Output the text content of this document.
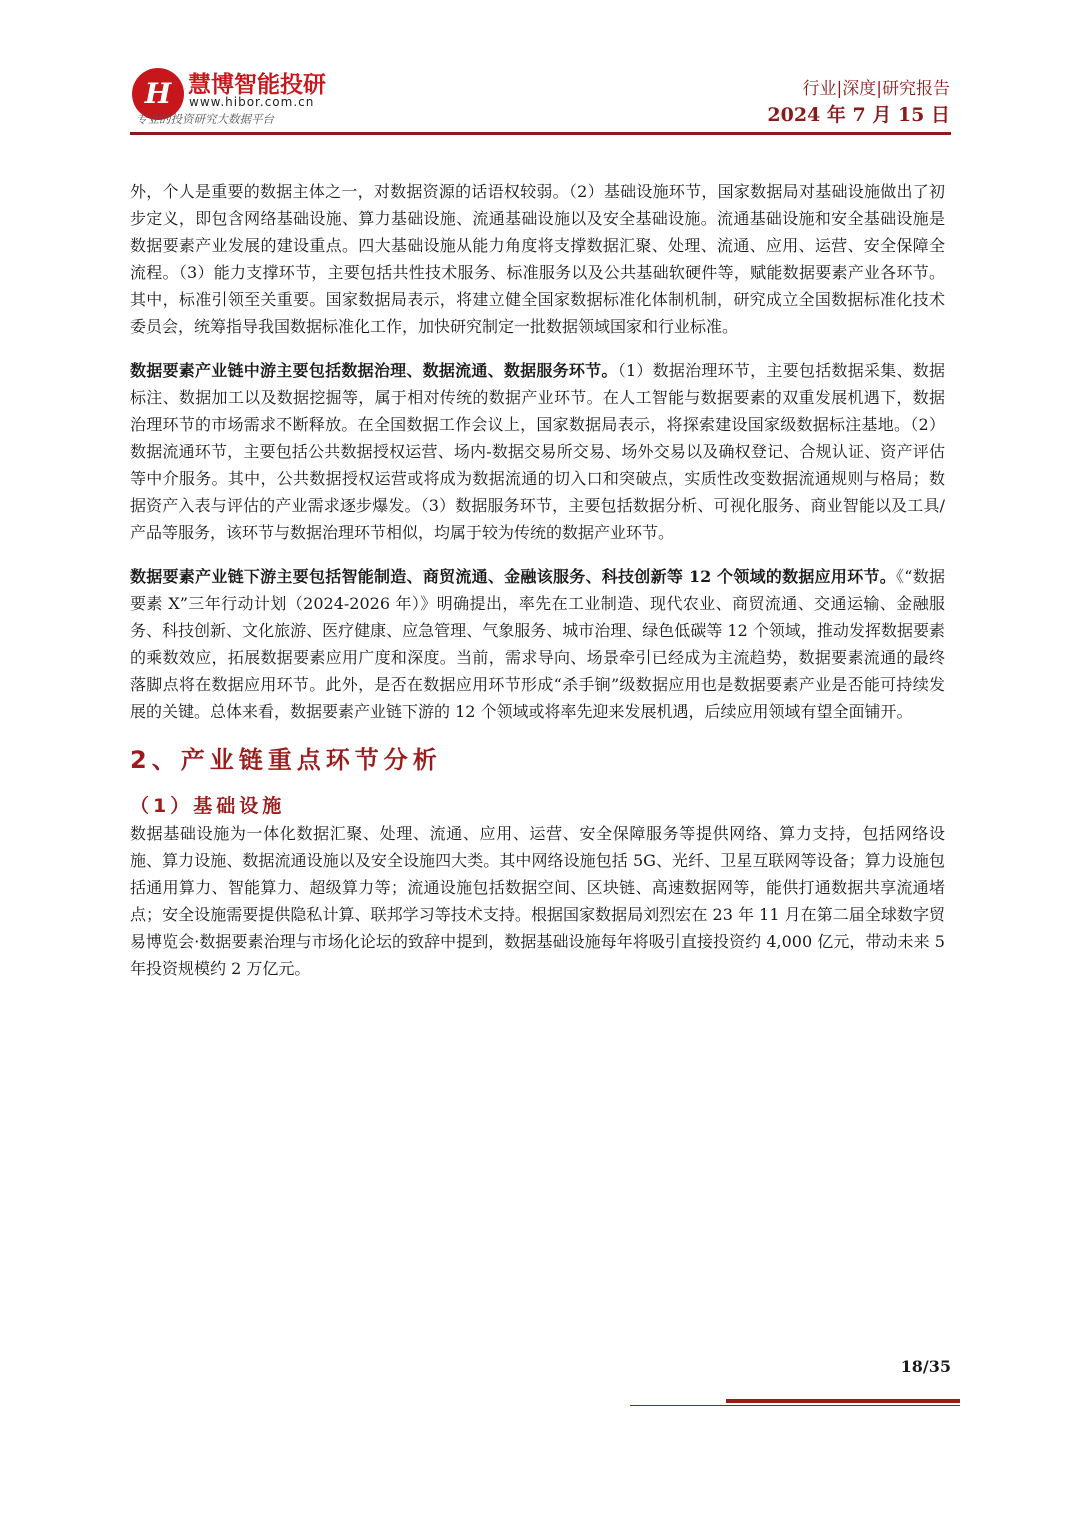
H 慧博智能投研
www.hibor.com.cn
专业的投资研究大数据平台
行业|深度|研究报告
2024 年 7 月 15 日

外，个人是重要的数据主体之一，对数据资源的话语权较弱。（2）基础设施环节，国家数据局对基础设施做出了初步定义，即包含网络基础设施、算力基础设施、流通基础设施以及安全基础设施。流通基础设施和安全基础设施是数据要素产业发展的建设重点。四大基础设施从能力角度将支撑数据汇聚、处理、流通、应用、运营、安全保障全流程。（3）能力支撑环节，主要包括共性技术服务、标准服务以及公共基础软硬件等，赋能数据要素产业各环节。其中，标准引领至关重要。国家数据局表示，将建立健全国家数据标准化体制机制，研究成立全国数据标准化技术委员会，统筹指导我国数据标准化工作，加快研究制定一批数据领域国家和行业标准。

数据要素产业链中游主要包括数据治理、数据流通、数据服务环节。（1）数据治理环节，主要包括数据采集、数据标注、数据加工以及数据挖掘等，属于相对传统的数据产业环节。在人工智能与数据要素的双重发展机遇下，数据治理环节的市场需求不断释放。在全国数据工作会议上，国家数据局表示，将探索建设国家级数据标注基地。（2）数据流通环节，主要包括公共数据授权运营、场内-数据交易所交易、场外交易以及确权登记、合规认证、资产评估等中介服务。其中，公共数据授权运营或将成为数据流通的切入口和突破点，实质性改变数据流通规则与格局；数据资产入表与评估的产业需求逐步爆发。（3）数据服务环节，主要包括数据分析、可视化服务、商业智能以及工具/产品等服务，该环节与数据治理环节相似，均属于较为传统的数据产业环节。

数据要素产业链下游主要包括智能制造、商贸流通、金融该服务、科技创新等 12 个领域的数据应用环节。《“数据要素 X”三年行动计划（2024-2026 年）》明确提出，率先在工业制造、现代农业、商贸流通、交通运输、金融服务、科技创新、文化旅游、医疗健康、应急管理、气象服务、城市治理、绿色低碳等 12 个领域，推动发挥数据要素的乘数效应，拓展数据要素应用广度和深度。当前，需求导向、场景牵引已经成为主流趋势，数据要素流通的最终落脚点将在数据应用环节。此外，是否在数据应用环节形成“杀手锏”级数据应用也是数据要素产业是否能可持续发展的关键。总体来看，数据要素产业链下游的 12 个领域或将率先迎来发展机遇，后续应用领域有望全面铺开。

2、产业链重点环节分析
（1）基础设施

数据基础设施为一体化数据汇聚、处理、流通、应用、运营、安全保障服务等提供网络、算力支持，包括网络设施、算力设施、数据流通设施以及安全设施四大类。其中网络设施包括 5G、光纤、卫星互联网等设备；算力设施包括通用算力、智能算力、超级算力等；流通设施包括数据空间、区块链、高速数据网等，能供打通数据共享流通堵点；安全设施需要提供隐私计算、联邦学习等技术支持。根据国家数据局刘烈宏在 23 年 11 月在第二届全球数字贸易博览会·数据要素治理与市场化论坛的致辞中提到，数据基础设施每年将吸引直接投资约 4,000 亿元，带动未来 5 年投资规模约 2 万亿元。

18/35
